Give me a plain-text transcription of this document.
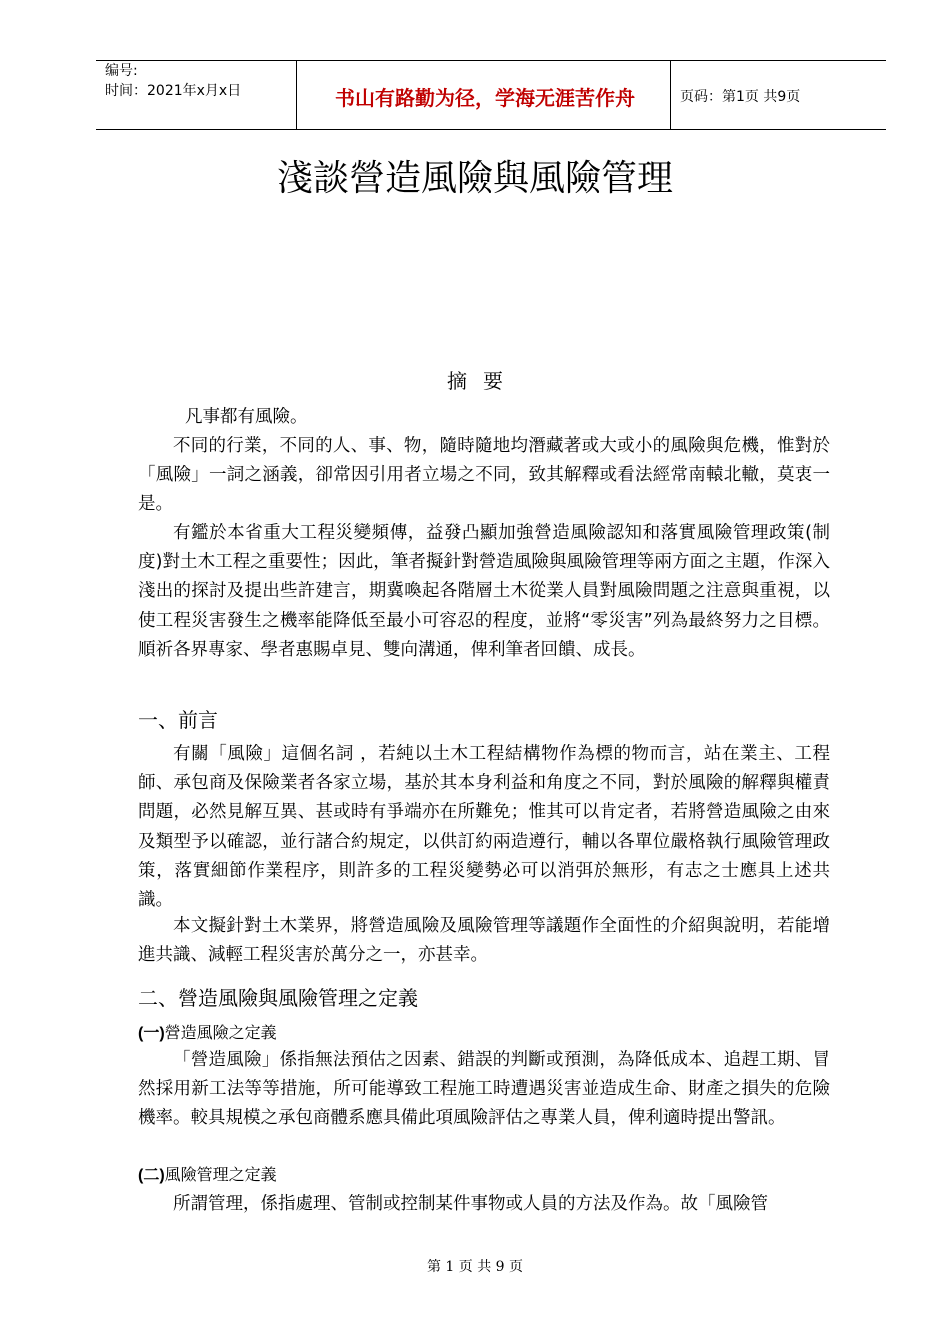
编号:
时间：2021年x月x日	书山有路勤为径，学海无涯苦作舟	页码：第1页 共9页
淺談營造風險與風險管理
摘要
凡事都有風險。
不同的行業，不同的人、事、物，隨時隨地均潛藏著或大或小的風險與危機，惟對於「風險」一詞之涵義，卻常因引用者立場之不同，致其解釋或看法經常南轅北轍，莫衷一是。
有鑑於本省重大工程災變頻傳，益發凸顯加強營造風險認知和落實風險管理政策(制度)對土木工程之重要性；因此，筆者擬針對營造風險與風險管理等兩方面之主題，作深入淺出的探討及提出些許建言，期冀喚起各階層土木從業人員對風險問題之注意與重視，以使工程災害發生之機率能降低至最小可容忍的程度，並將“零災害”列為最終努力之目標。順祈各界專家、學者惠賜卓見、雙向溝通，俾利筆者回饋、成長。
一、前言
有關「風險」這個名詞 ，若純以土木工程結構物作為標的物而言，站在業主、工程師、承包商及保險業者各家立場，基於其本身利益和角度之不同，對於風險的解釋與權責問題，必然見解互異、甚或時有爭端亦在所難免；惟其可以肯定者，若將營造風險之由來及類型予以確認，並行諸合約規定，以供訂約兩造遵行，輔以各單位嚴格執行風險管理政策，落實細節作業程序，則許多的工程災變勢必可以消弭於無形，有志之士應具上述共識。
本文擬針對土木業界，將營造風險及風險管理等議題作全面性的介紹與說明，若能增進共識、減輕工程災害於萬分之一，亦甚幸。
二、營造風險與風險管理之定義
(一)營造風險之定義
「營造風險」係指無法預估之因素、錯誤的判斷或預測，為降低成本、追趕工期、冒然採用新工法等等措施，所可能導致工程施工時遭遇災害並造成生命、財產之損失的危險機率。較具規模之承包商體系應具備此項風險評估之專業人員，俾利適時提出警訊。
(二)風險管理之定義
所謂管理，係指處理、管制或控制某件事物或人員的方法及作為。故「風險管
第 1 页 共 9 页
